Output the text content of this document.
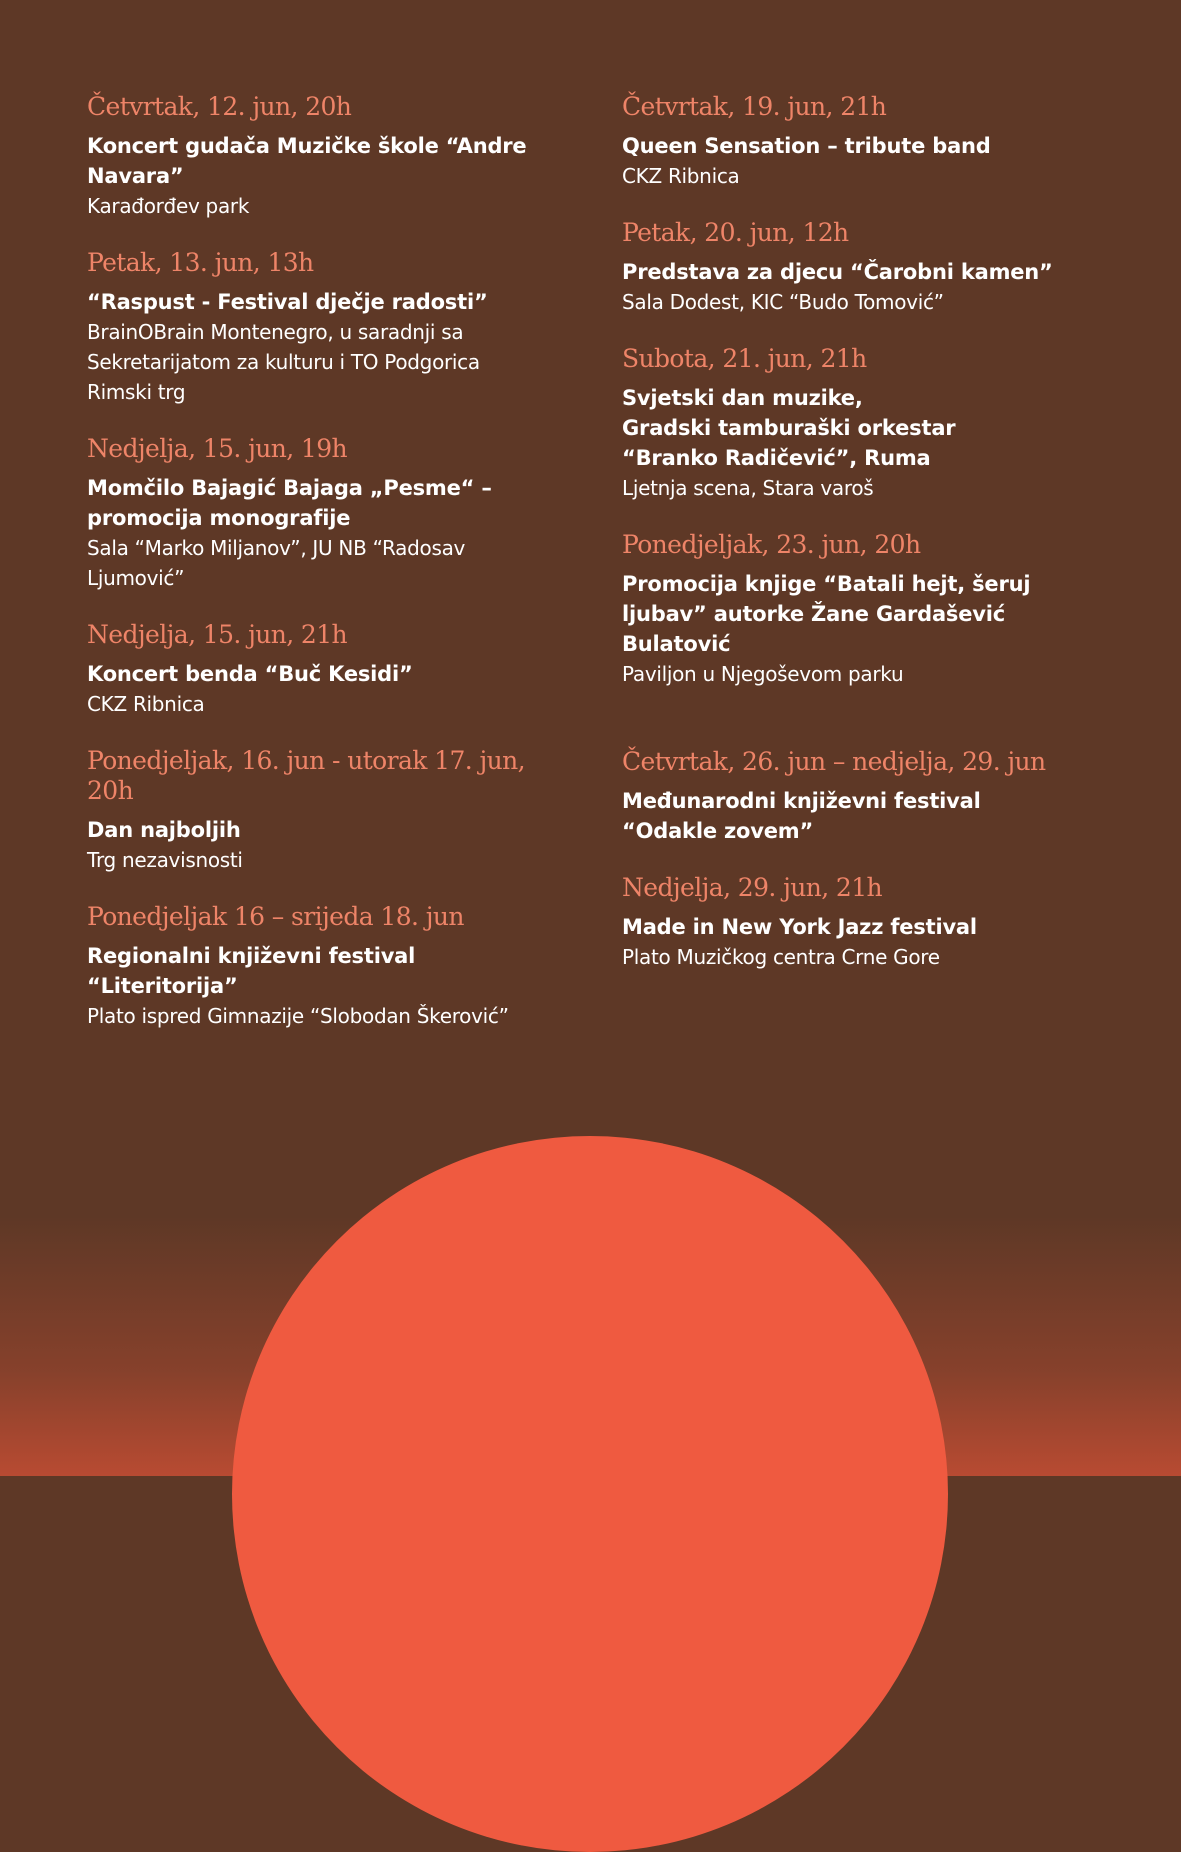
Četvrtak, 12. jun, 20h
Koncert gudača Muzičke škole “Andre Navara”
Karađorđev park
Petak, 13. jun, 13h
“Raspust - Festival dječje radosti”
BrainOBrain Montenegro, u saradnji sa Sekretarijatom za kulturu i TO Podgorica
Rimski trg
Nedjelja, 15. jun, 19h
Momčilo Bajagić Bajaga „Pesme“ – promocija monografije
Sala “Marko Miljanov”, JU NB “Radosav Ljumović”
Nedjelja, 15. jun, 21h
Koncert benda “Buč Kesidi”
CKZ Ribnica
Ponedjeljak, 16. jun - utorak 17. jun, 20h
Dan najboljih
Trg nezavisnosti
Ponedjeljak 16 – srijeda 18. jun
Regionalni književni festival “Literitorija”
Plato ispred Gimnazije “Slobodan Škerović”
Četvrtak, 19. jun, 21h
Queen Sensation – tribute band
CKZ Ribnica
Petak, 20. jun, 12h
Predstava za djecu “Čarobni kamen”
Sala Dodest, KIC “Budo Tomović”
Subota, 21. jun, 21h
Svjetski dan muzike,
Gradski tamburaški orkestar
“Branko Radičević”, Ruma
Ljetnja scena, Stara varoš
Ponedjeljak, 23. jun, 20h
Promocija knjige “Batali hejt, šeruj ljubav” autorke Žane Gardašević Bulatović
Paviljon u Njegoševom parku
Četvrtak, 26. jun – nedjelja, 29. jun
Međunarodni književni festival “Odakle zovem”
Nedjelja, 29. jun, 21h
Made in New York Jazz festival
Plato Muzičkog centra Crne Gore
